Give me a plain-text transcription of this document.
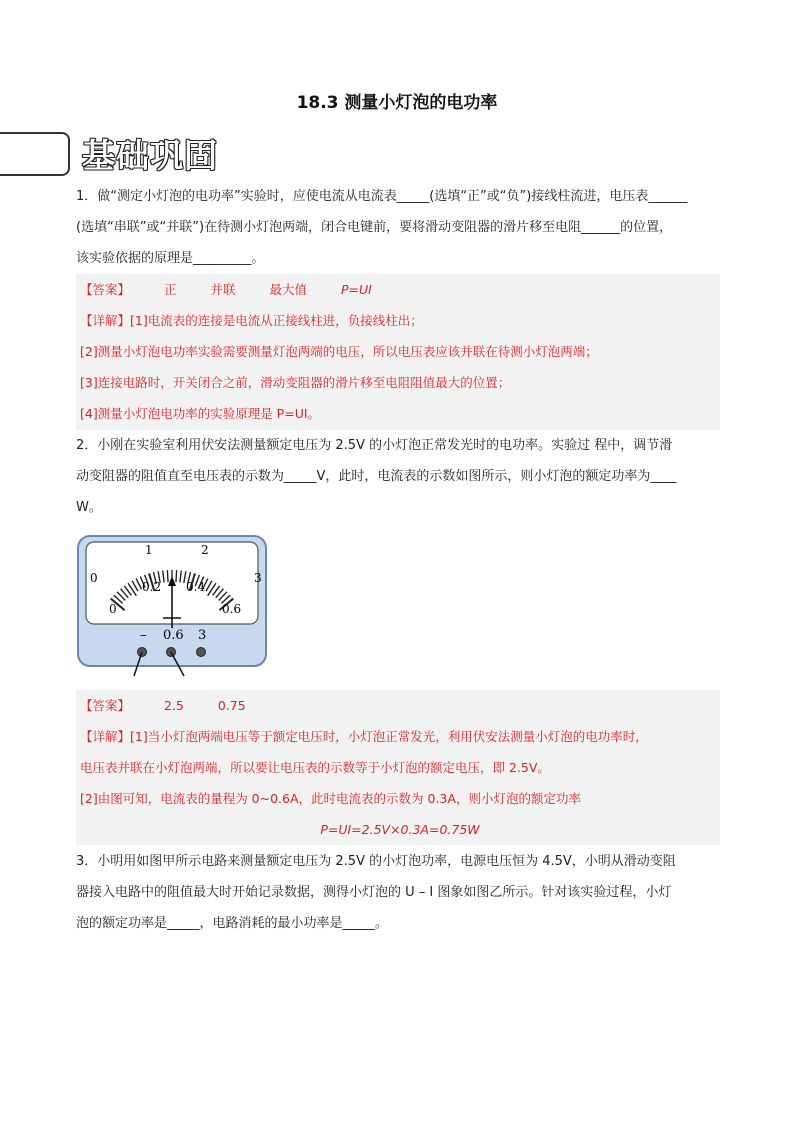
18.3 测量小灯泡的电功率
基础巩固
1．做“测定小灯泡的电功率”实验时，应使电流从电流表_____(选填“正”或“负”)接线柱流进，电压表______
(选填“串联”或“并联”)在待测小灯泡两端，闭合电键前，要将滑动变阻器的滑片移至电阻______的位置，
该实验依据的原理是_________。
【答案】	正	并联	最大值	P=UI
【详解】[1]电流表的连接是电流从正接线柱进，负接线柱出；
[2]测量小灯泡电功率实验需要测量灯泡两端的电压，所以电压表应该并联在待测小灯泡两端；
[3]连接电路时，开关闭合之前，滑动变阻器的滑片移至电阻阻值最大的位置；
[4]测量小灯泡电功率的实验原理是 P=UI。
2．小刚在实验室利用伏安法测量额定电压为 2.5V 的小灯泡正常发光时的电功率。实验过 程中，调节滑
动变阻器的阻值直至电压表的示数为_____V，此时，电流表的示数如图所示，则小灯泡的额定功率为____
W。
0
1	2
3
0
0.2 0.4
0.6
– 0.6 3
【答案】	2.5	0.75
【详解】[1]当小灯泡两端电压等于额定电压时，小灯泡正常发光，利用伏安法测量小灯泡的电功率时，
电压表并联在小灯泡两端，所以要让电压表的示数等于小灯泡的额定电压，即 2.5V。
[2]由图可知，电流表的量程为 0~0.6A，此时电流表的示数为 0.3A，则小灯泡的额定功率
P=UI=2.5V×0.3A=0.75W
3．小明用如图甲所示电路来测量额定电压为 2.5V 的小灯泡功率，电源电压恒为 4.5V，小明从滑动变阻
器接入电路中的阻值最大时开始记录数据，测得小灯泡的 U – I 图象如图乙所示。针对该实验过程，小灯
泡的额定功率是_____，电路消耗的最小功率是_____。
